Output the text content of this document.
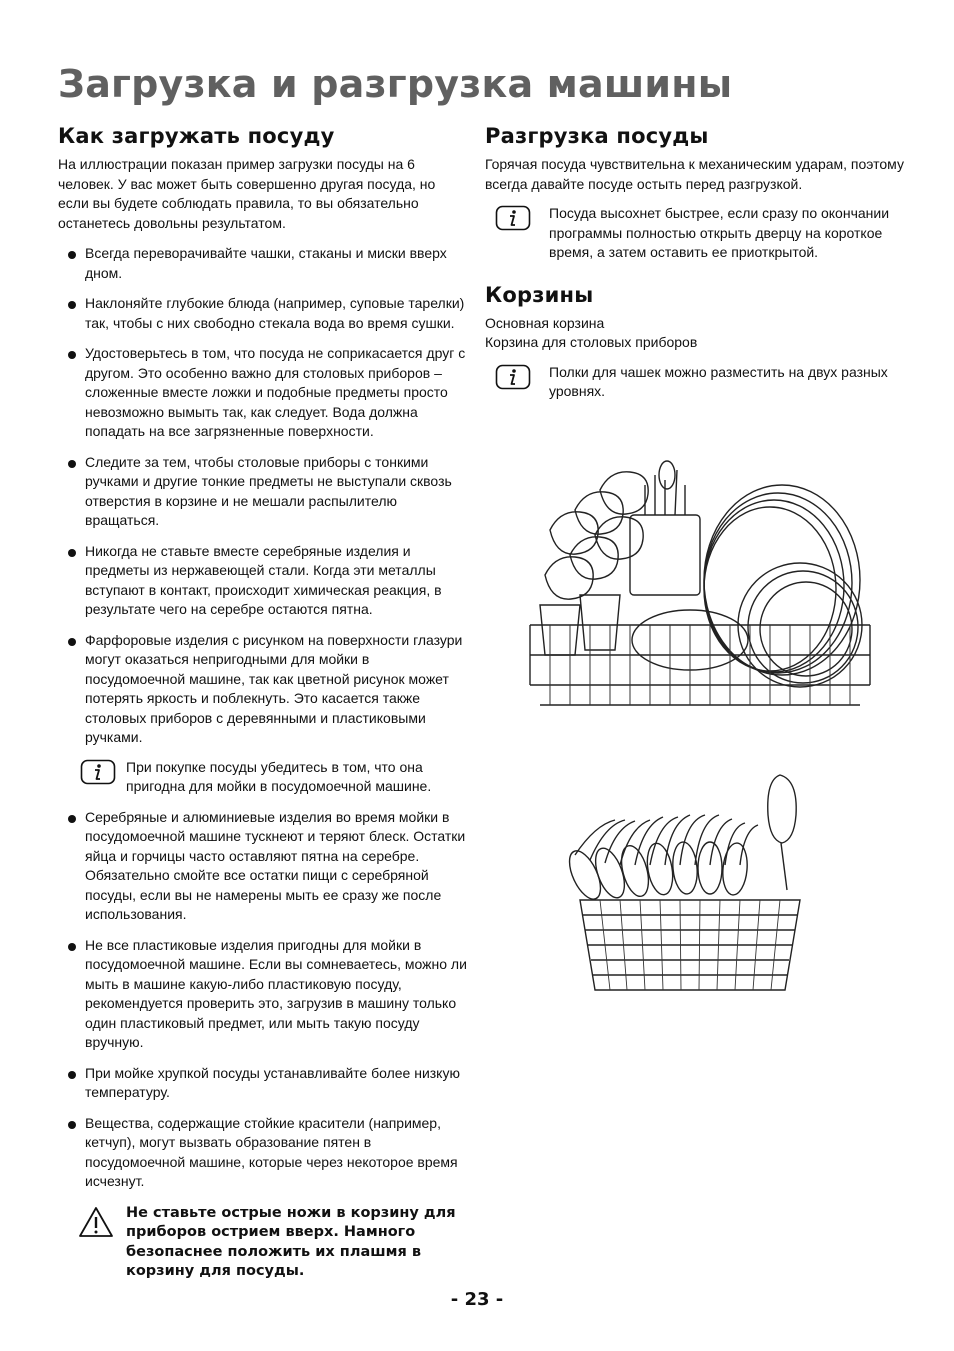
Загрузка и разгрузка машины
Как загружать посуду

На иллюстрации показан пример загрузки посуды на 6 человек. У вас может быть совершенно другая посуда, но если вы будете соблюдать правила, то вы обязательно останетесь довольны результатом.

Всегда переворачивайте чашки, стаканы и миски вверх дном.
Наклоняйте глубокие блюда (например, суповые тарелки) так, чтобы с них свободно стекала вода во время сушки.
Удостоверьтесь в том, что посуда не соприкасается друг с другом. Это особенно важно для столовых приборов – сложенные вместе ложки и подобные предметы просто невозможно вымыть так, как следует. Вода должна попадать на все загрязненные поверхности.
Следите за тем, чтобы столовые приборы с тонкими ручками и другие тонкие предметы не выступали сквозь отверстия в корзине и не мешали распылителю вращаться.
Никогда не ставьте вместе серебряные изделия и предметы из нержавеющей стали. Когда эти металлы вступают в контакт, происходит химическая реакция, в результате чего на серебре остаются пятна.
Фарфоровые изделия с рисунком на поверхности глазури могут оказаться непригодными для мойки в посудомоечной машине, так как цветной рисунок может потерять яркость и поблекнуть. Это касается также столовых приборов с деревянными и пластиковыми ручками.
При покупке посуды убедитесь в том, что она пригодна для мойки в посудомоечной машине.
Серебряные и алюминиевые изделия во время мойки в посудомоечной машине тускнеют и теряют блеск. Остатки яйца и горчицы часто оставляют пятна на серебре. Обязательно смойте все остатки пищи с серебряной посуды, если вы не намерены мыть ее сразу же после использования.
Не все пластиковые изделия пригодны для мойки в посудомоечной машине. Если вы сомневаетесь, можно ли мыть в машине какую-либо пластиковую посуду, рекомендуется проверить это, загрузив в машину только один пластиковый предмет, или мыть такую посуду вручную.
При мойке хрупкой посуды устанавливайте более низкую температуру.
Вещества, содержащие стойкие красители (например, кетчуп), могут вызвать образование пятен в посудомоечной машине, которые через некоторое время исчезнут.
Не ставьте острые ножи в корзину для приборов острием вверх. Намного безопаснее положить их плашмя в корзину для посуды.
Разгрузка посуды

Горячая посуда чувствительна к механическим ударам, поэтому всегда давайте посуде остыть перед разгрузкой.

Посуда высохнет быстрее, если сразу по окончании программы полностью открыть дверцу на короткое время, а затем оставить ее приоткрытой.
Корзины

Основная корзина

Корзина для столовых приборов

Полки для чашек можно разместить на двух разных уровнях.
- 23 -
